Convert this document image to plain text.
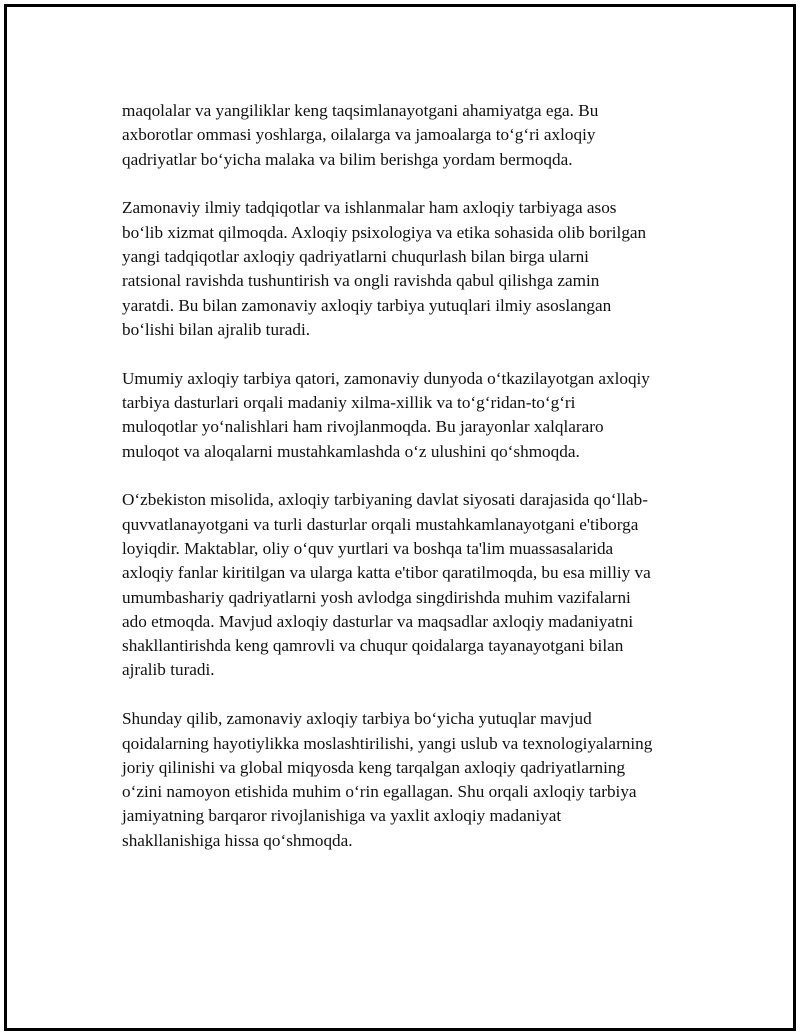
maqolalar va yangiliklar keng taqsimlanayotgani ahamiyatga ega. Bu
axborotlar ommasi yoshlarga, oilalarga va jamoalarga to‘g‘ri axloqiy
qadriyatlar bo‘yicha malaka va bilim berishga yordam bermoqda.

Zamonaviy ilmiy tadqiqotlar va ishlanmalar ham axloqiy tarbiyaga asos
bo‘lib xizmat qilmoqda. Axloqiy psixologiya va etika sohasida olib borilgan
yangi tadqiqotlar axloqiy qadriyatlarni chuqurlash bilan birga ularni
ratsional ravishda tushuntirish va ongli ravishda qabul qilishga zamin
yaratdi. Bu bilan zamonaviy axloqiy tarbiya yutuqlari ilmiy asoslangan
bo‘lishi bilan ajralib turadi.

Umumiy axloqiy tarbiya qatori, zamonaviy dunyoda o‘tkazilayotgan axloqiy
tarbiya dasturlari orqali madaniy xilma-xillik va to‘g‘ridan-to‘g‘ri
muloqotlar yo‘nalishlari ham rivojlanmoqda. Bu jarayonlar xalqlararo
muloqot va aloqalarni mustahkamlashda o‘z ulushini qo‘shmoqda.

O‘zbekiston misolida, axloqiy tarbiyaning davlat siyosati darajasida qo‘llab-
quvvatlanayotgani va turli dasturlar orqali mustahkamlanayotgani e'tiborga
loyiqdir. Maktablar, oliy o‘quv yurtlari va boshqa ta'lim muassasalarida
axloqiy fanlar kiritilgan va ularga katta e'tibor qaratilmoqda, bu esa milliy va
umumbashariy qadriyatlarni yosh avlodga singdirishda muhim vazifalarni
ado etmoqda. Mavjud axloqiy dasturlar va maqsadlar axloqiy madaniyatni
shakllantirishda keng qamrovli va chuqur qoidalarga tayanayotgani bilan
ajralib turadi.

Shunday qilib, zamonaviy axloqiy tarbiya bo‘yicha yutuqlar mavjud
qoidalarning hayotiylikka moslashtirilishi, yangi uslub va texnologiyalarning
joriy qilinishi va global miqyosda keng tarqalgan axloqiy qadriyatlarning
o‘zini namoyon etishida muhim o‘rin egallagan. Shu orqali axloqiy tarbiya
jamiyatning barqaror rivojlanishiga va yaxlit axloqiy madaniyat
shakllanishiga hissa qo‘shmoqda.
